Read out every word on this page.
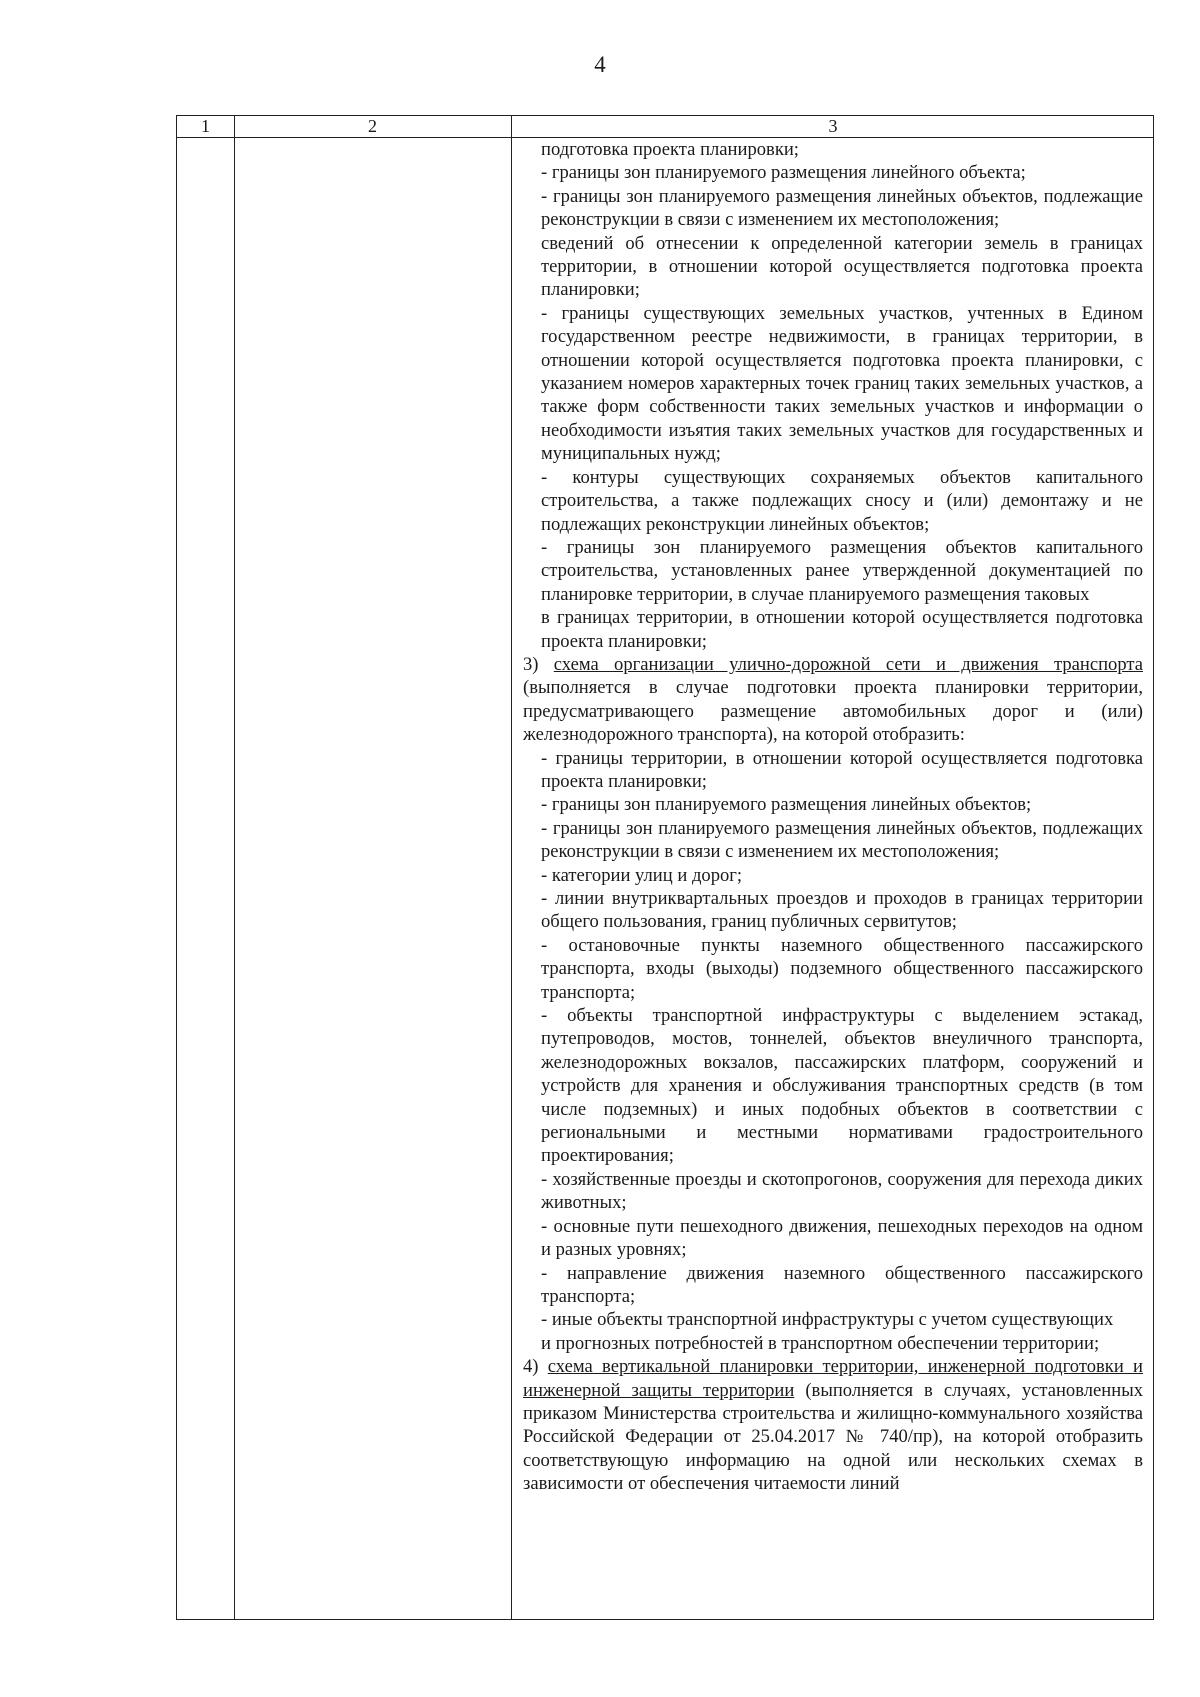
4
1	2	3

подготовка проекта планировки;

- границы зон планируемого размещения линейного объекта;

- границы зон планируемого размещения линейных объектов, подлежащие реконструкции в связи с изменением их местоположения;

сведений об отнесении к определенной категории земель в границах территории, в отношении которой осуществляется подготовка проекта планировки;

- границы существующих земельных участков, учтенных в Едином государственном реестре недвижимости, в границах территории, в отношении которой осуществляется подготовка проекта планировки, с указанием номеров характерных точек границ таких земельных участков, а также форм собственности таких земельных участков и информации о необходимости изъятия таких земельных участков для государственных и муниципальных нужд;

- контуры существующих сохраняемых объектов капитального строительства, а также подлежащих сносу и (или) демонтажу и не подлежащих реконструкции линейных объектов;

- границы зон планируемого размещения объектов капитального строительства, установленных ранее утвержденной документацией по планировке территории, в случае планируемого размещения таковых

в границах территории, в отношении которой осуществляется подготовка проекта планировки;

3) схема организации улично-дорожной сети и движения транспорта (выполняется в случае подготовки проекта планировки территории, предусматривающего размещение автомобильных дорог и (или) железнодорожного транспорта), на которой отобразить:

- границы территории, в отношении которой осуществляется подготовка проекта планировки;

- границы зон планируемого размещения линейных объектов;

- границы зон планируемого размещения линейных объектов, подлежащих реконструкции в связи с изменением их местоположения;

- категории улиц и дорог;

- линии внутриквартальных проездов и проходов в границах территории общего пользования, границ публичных сервитутов;

- остановочные пункты наземного общественного пассажирского транспорта, входы (выходы) подземного общественного пассажирского транспорта;

- объекты транспортной инфраструктуры с выделением эстакад, путепроводов, мостов, тоннелей, объектов внеуличного транспорта, железнодорожных вокзалов, пассажирских платформ, сооружений и устройств для хранения и обслуживания транспортных средств (в том числе подземных) и иных подобных объектов в соответствии с региональными и местными нормативами градостроительного проектирования;

- хозяйственные проезды и скотопрогонов, сооружения для перехода диких животных;

- основные пути пешеходного движения, пешеходных переходов на одном и разных уровнях;

- направление движения наземного общественного пассажирского транспорта;

- иные объекты транспортной инфраструктуры с учетом существующих

и прогнозных потребностей в транспортном обеспечении территории;

4) схема вертикальной планировки территории, инженерной подготовки и инженерной защиты территории (выполняется в случаях, установленных приказом Министерства строительства и жилищно-коммунального хозяйства Российской Федерации от 25.04.2017 № 740/пр), на которой отобразить соответствующую информацию на одной или нескольких схемах в зависимости от обеспечения читаемости линий
